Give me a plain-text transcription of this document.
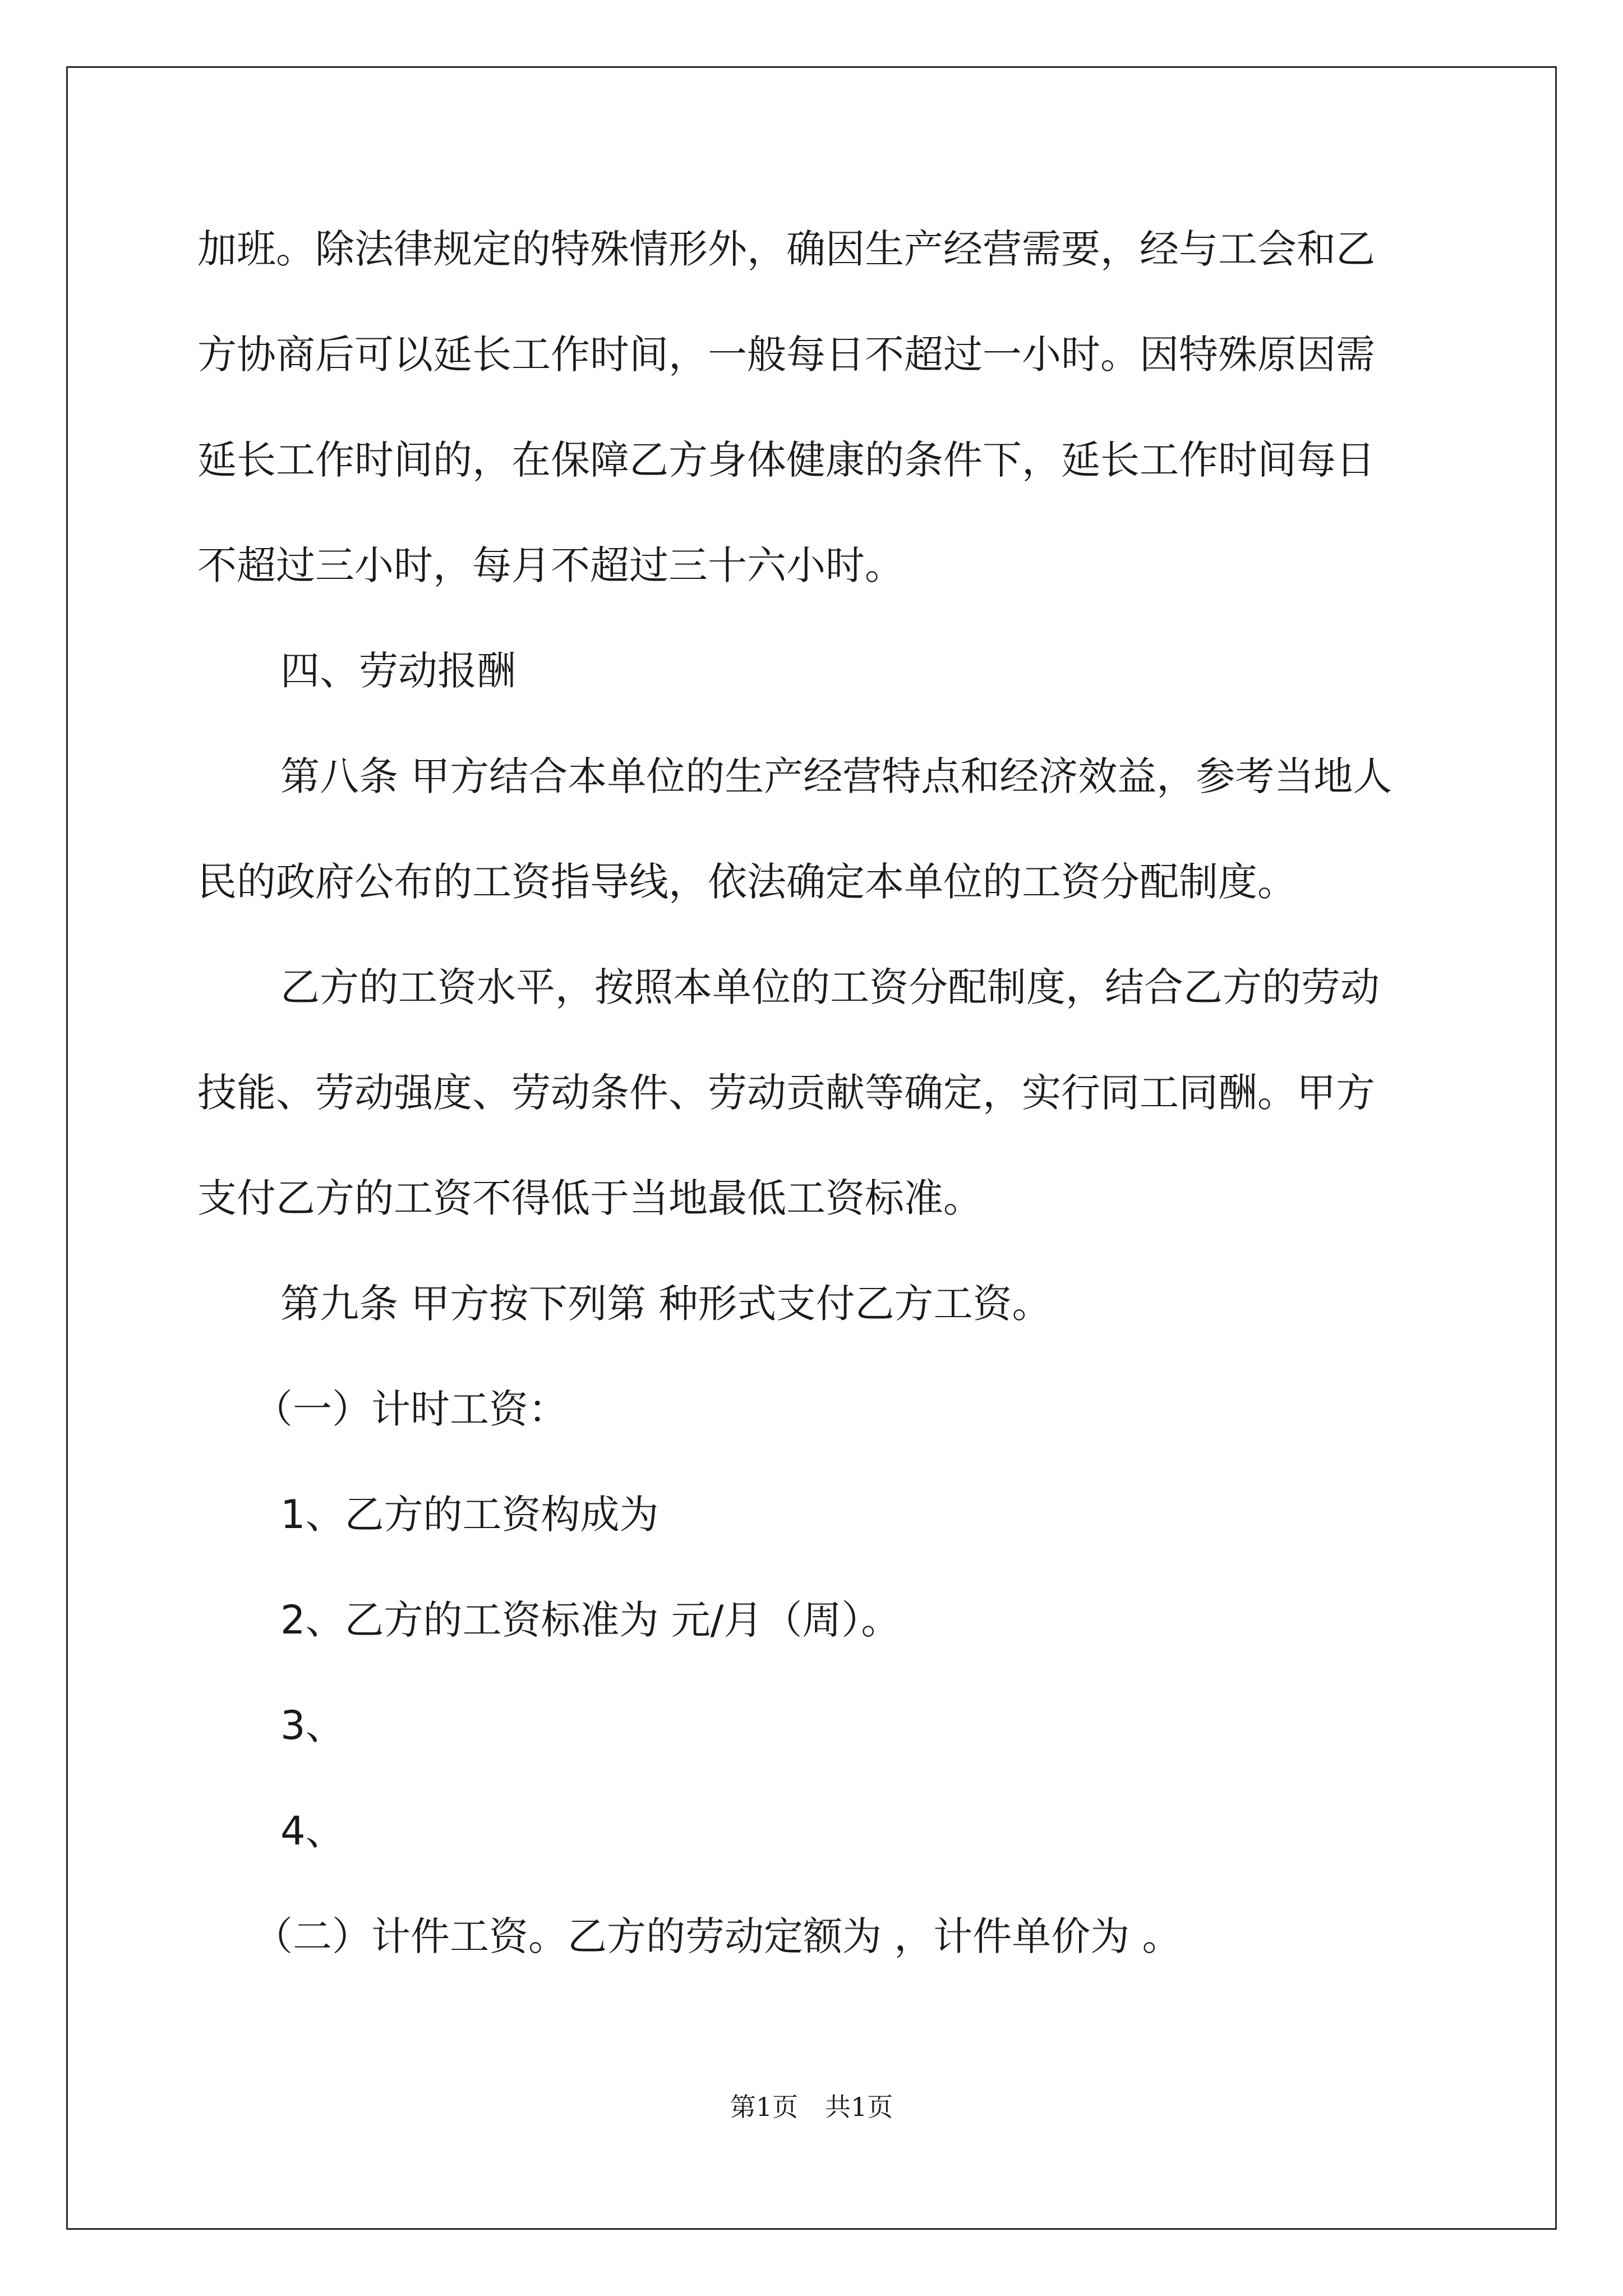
加班。除法律规定的特殊情形外，确因生产经营需要，经与工会和乙
方协商后可以延长工作时间，一般每日不超过一小时。因特殊原因需
延长工作时间的，在保障乙方身体健康的条件下，延长工作时间每日
不超过三小时，每月不超过三十六小时。
四、劳动报酬
第八条 甲方结合本单位的生产经营特点和经济效益，参考当地人
民的政府公布的工资指导线，依法确定本单位的工资分配制度。
乙方的工资水平，按照本单位的工资分配制度，结合乙方的劳动
技能、劳动强度、劳动条件、劳动贡献等确定，实行同工同酬。甲方
支付乙方的工资不得低于当地最低工资标准。
第九条 甲方按下列第 种形式支付乙方工资。
（一）计时工资：
1、乙方的工资构成为
2、乙方的工资标准为 元/月（周）。
3、
4、
（二）计件工资。乙方的劳动定额为 ，计件单价为 。
第1页 共1页
